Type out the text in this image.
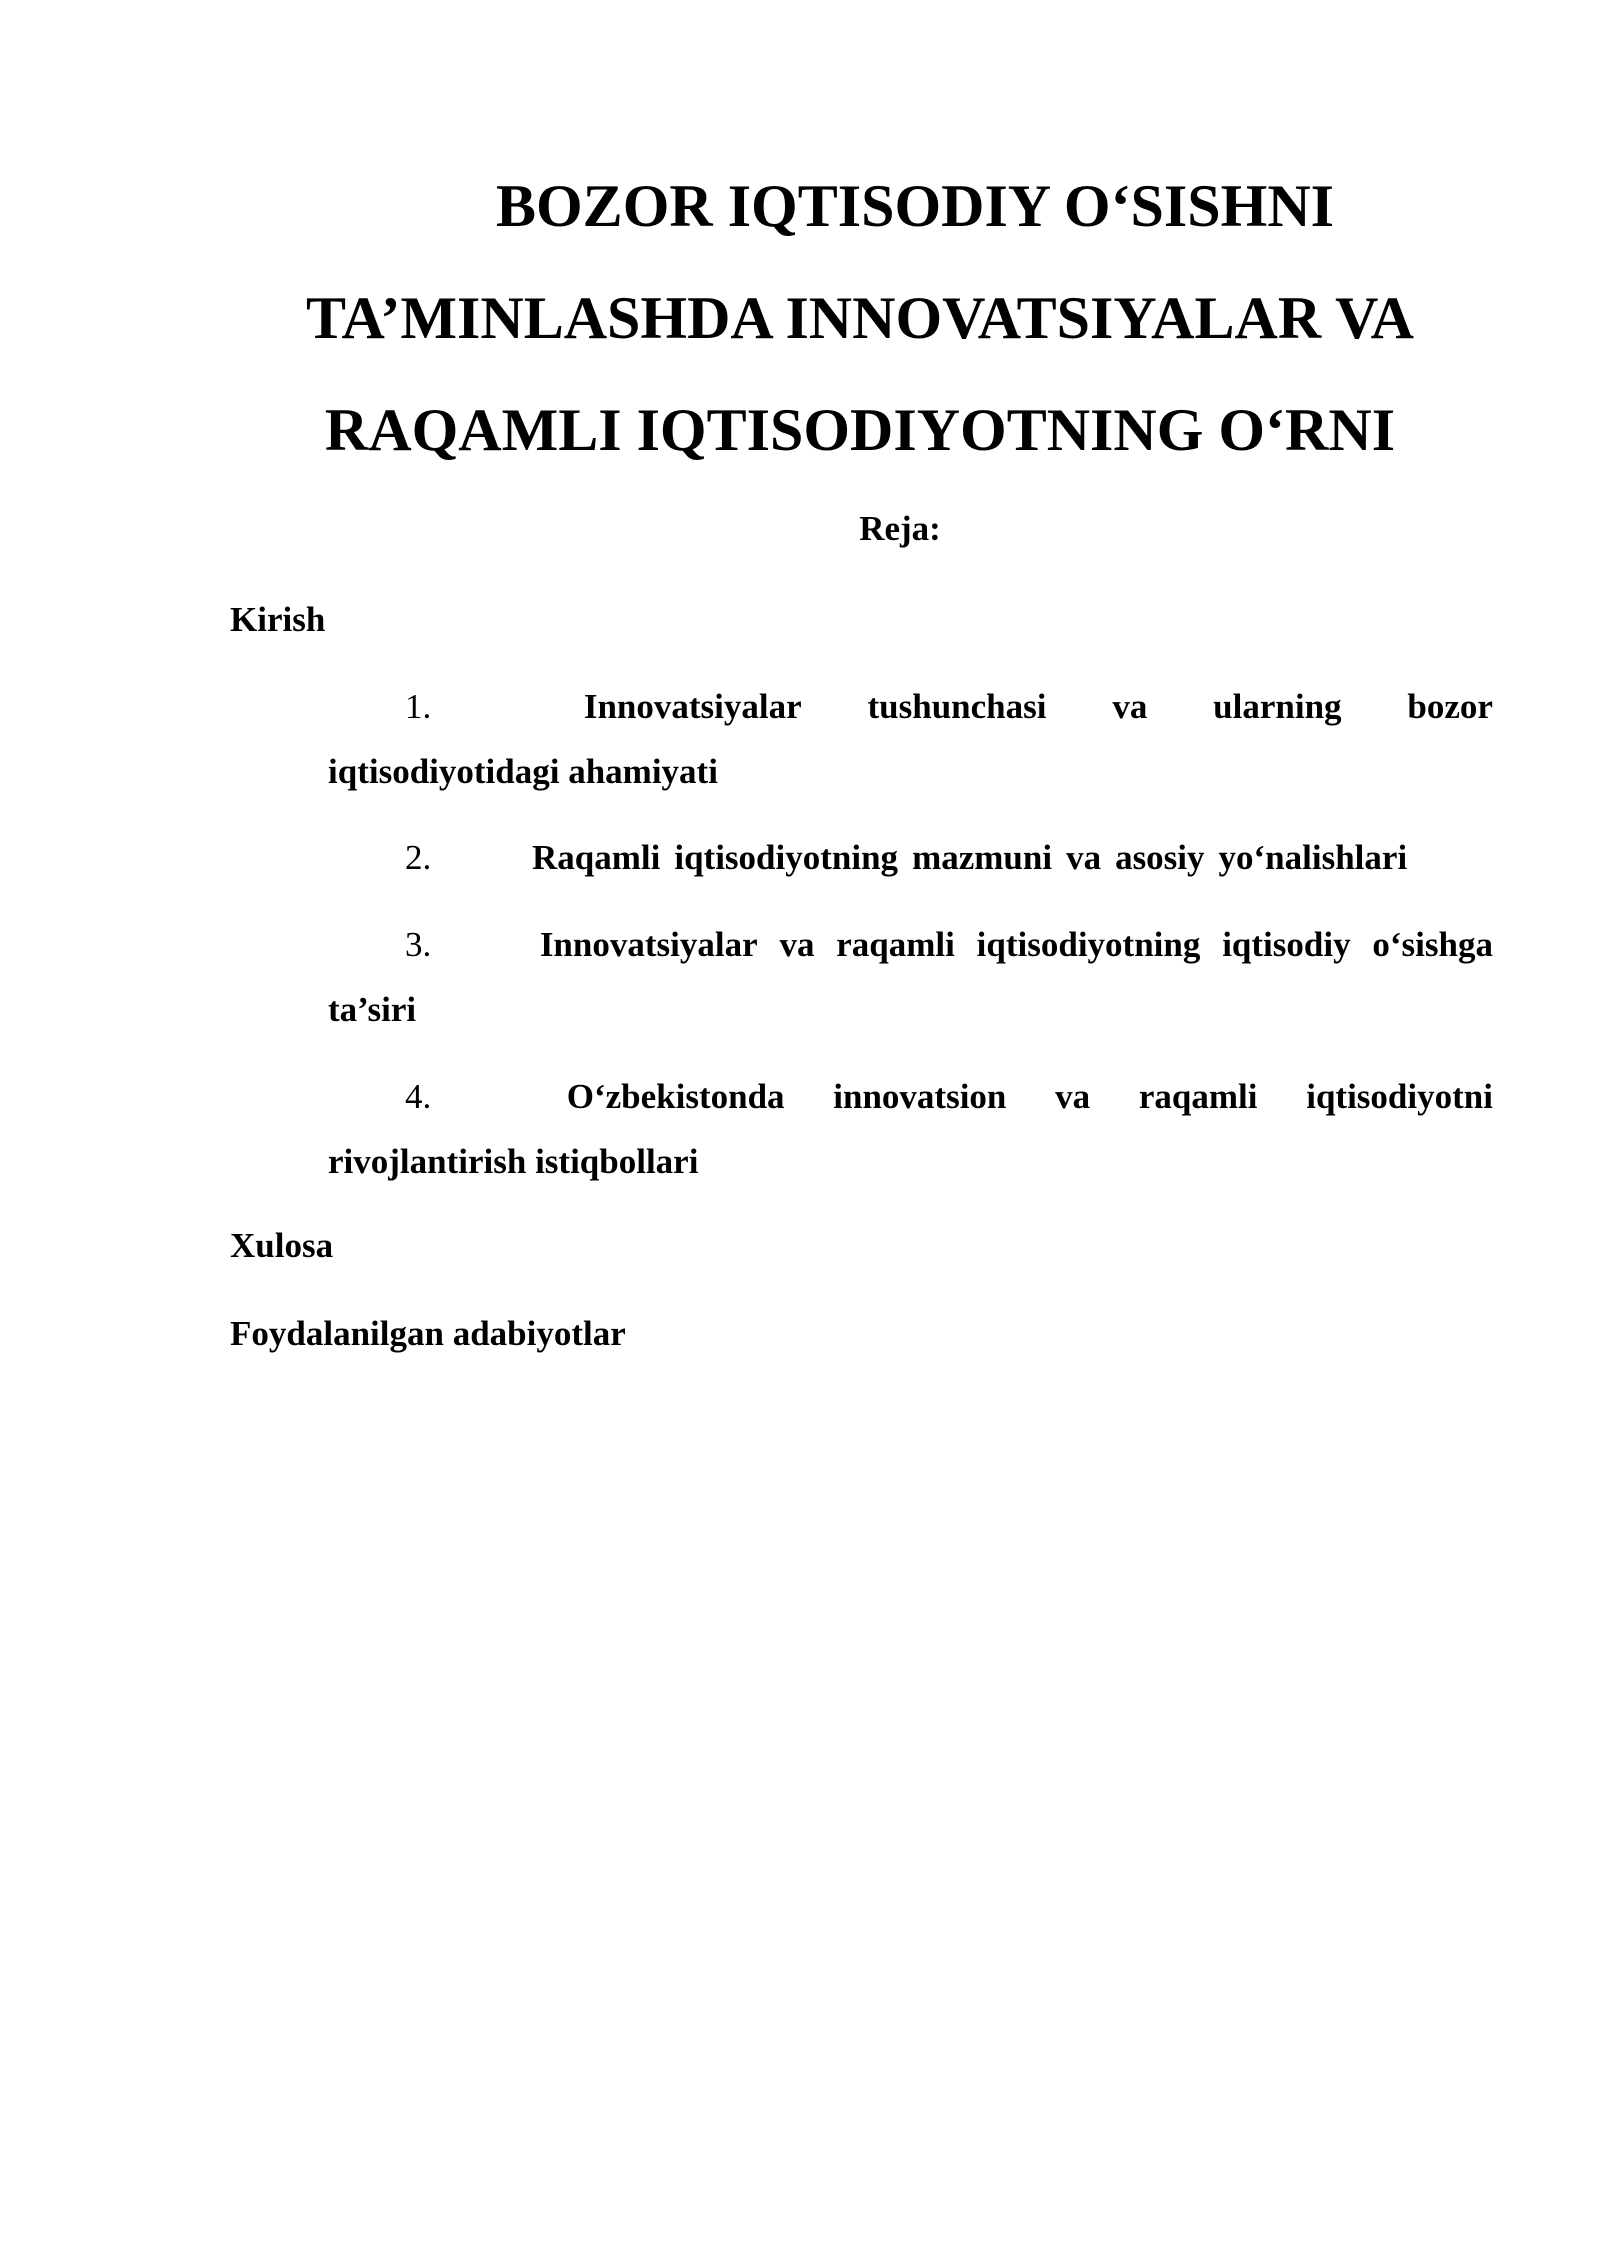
BOZOR IQTISODIY O‘SISHNI
TA’MINLASHDA INNOVATSIYALAR VA
RAQAMLI IQTISODIYOTNING O‘RNI

Reja:

Kirish

1.	Innovatsiyalar tushunchasi va ularning bozor
iqtisodiyotidagi ahamiyati
2.	Raqamli iqtisodiyotning mazmuni va asosiy yo‘nalishlari
3.	Innovatsiyalar va raqamli iqtisodiyotning iqtisodiy o‘sishga
ta’siri
4.	O‘zbekistonda innovatsion va raqamli iqtisodiyotni
rivojlantirish istiqbollari

Xulosa

Foydalanilgan adabiyotlar
